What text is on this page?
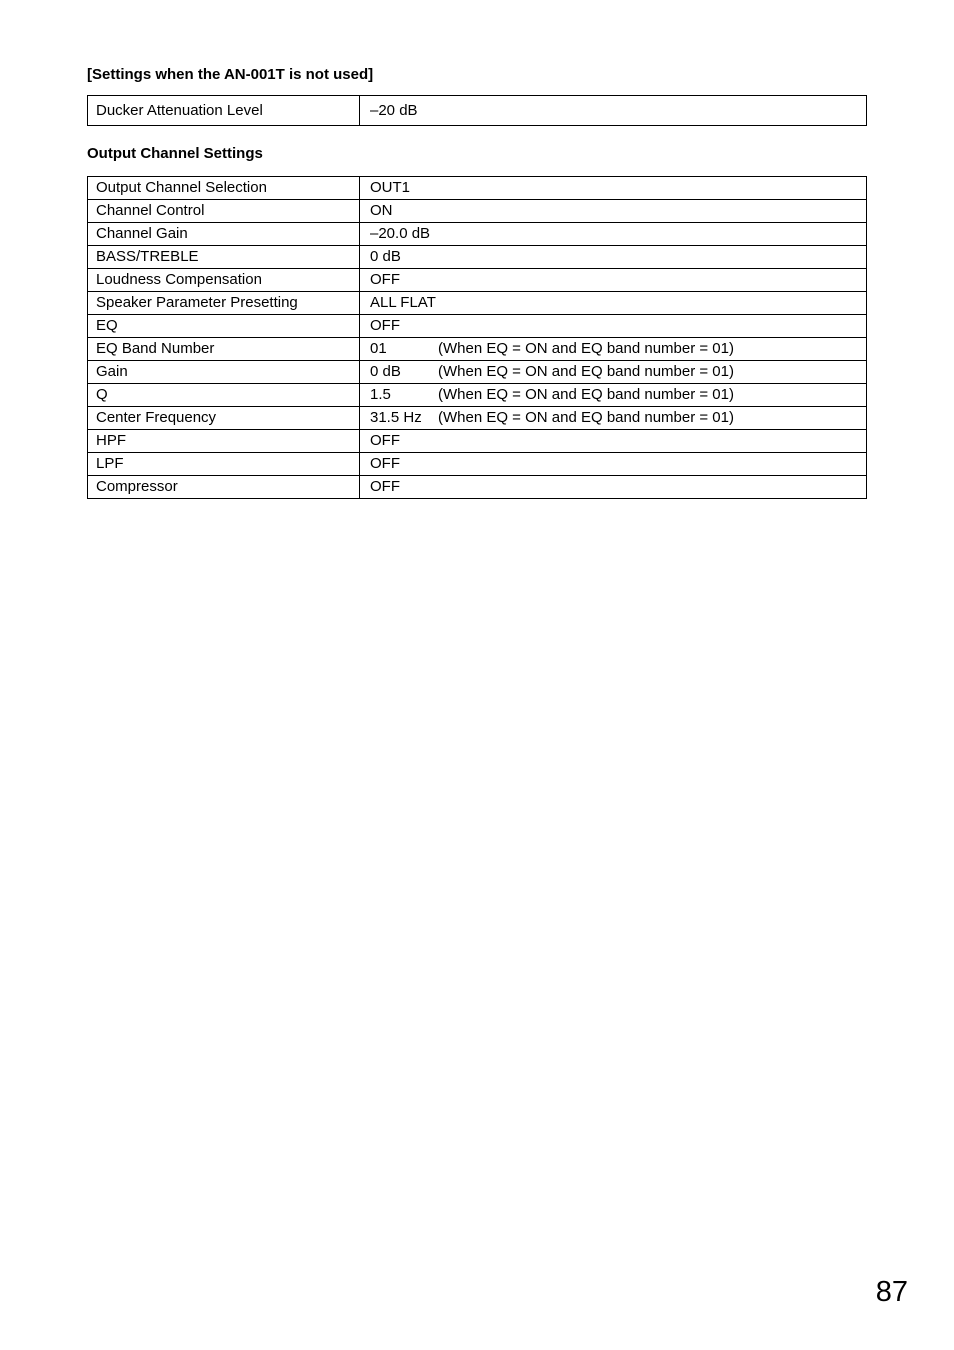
[Settings when the AN-001T is not used]
Ducker Attenuation Level	–20 dB
Output Channel Settings
Output Channel Selection	OUT1
Channel Control	ON
Channel Gain	–20.0 dB
BASS/TREBLE	0 dB
Loudness Compensation	OFF
Speaker Parameter Presetting	ALL FLAT
EQ	OFF
EQ Band Number	01 (When EQ = ON and EQ band number = 01)
Gain	0 dB (When EQ = ON and EQ band number = 01)
Q	1.5 (When EQ = ON and EQ band number = 01)
Center Frequency	31.5 Hz (When EQ = ON and EQ band number = 01)
HPF	OFF
LPF	OFF
Compressor	OFF
87
